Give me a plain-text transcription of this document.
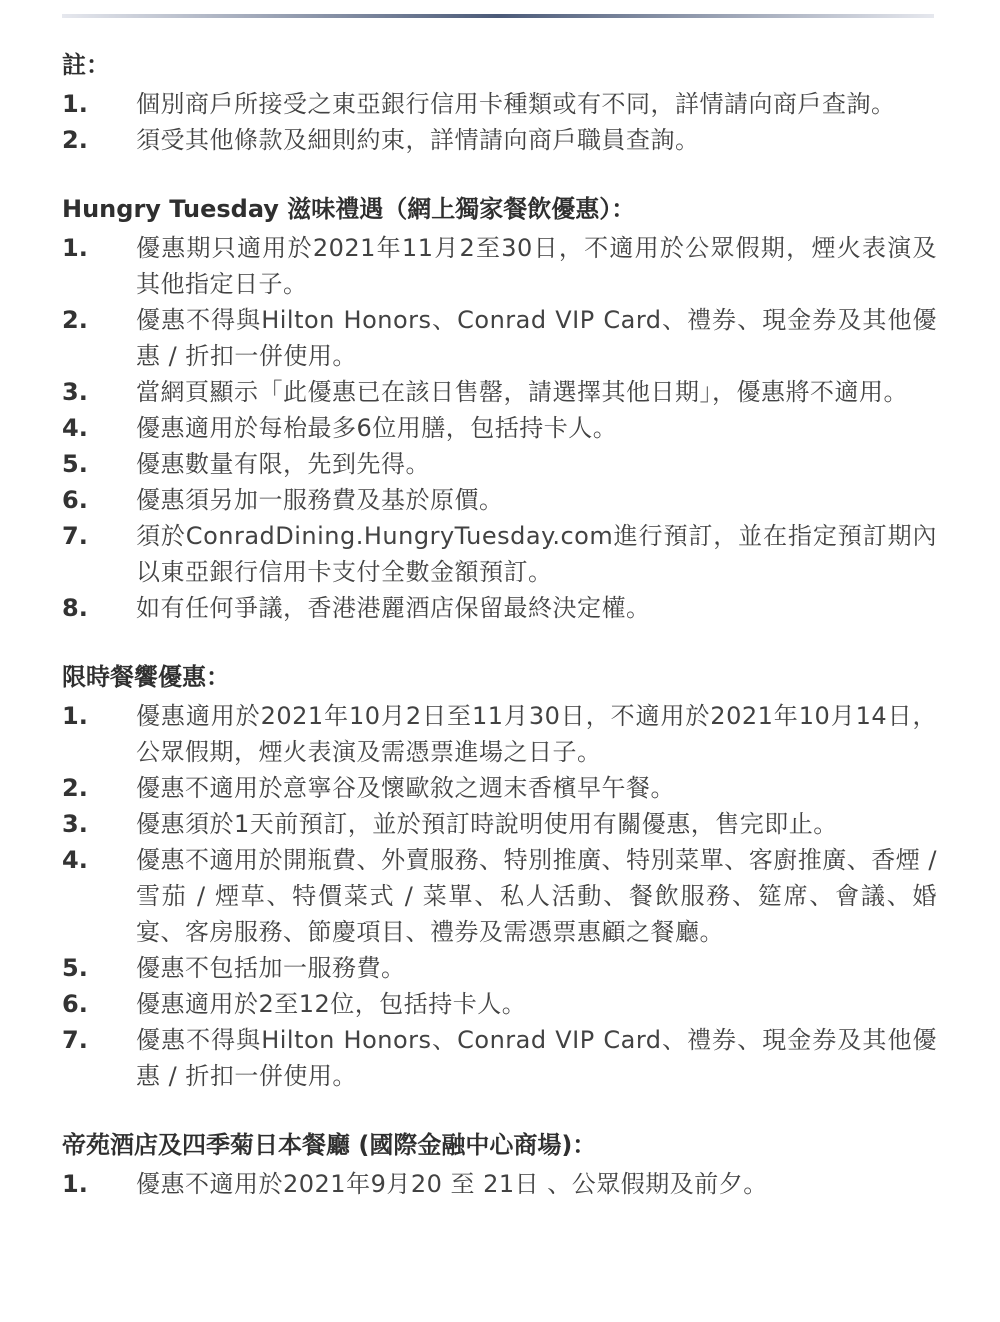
註：
1.	個別商戶所接受之東亞銀行信用卡種類或有不同，詳情請向商戶查詢。
2.	須受其他條款及細則約束，詳情請向商戶職員查詢。
Hungry Tuesday 滋味禮遇（網上獨家餐飲優惠）：
1.	優惠期只適用於2021年11月2至30日，不適用於公眾假期，煙火表演及其他指定日子。
2.	優惠不得與Hilton Honors、Conrad VIP Card、禮券、現金券及其他優惠 / 折扣一併使用。
3.	當網頁顯示「此優惠已在該日售罄，請選擇其他日期」，優惠將不適用。
4.	優惠適用於每枱最多6位用膳，包括持卡人。
5.	優惠數量有限，先到先得。
6.	優惠須另加一服務費及基於原價。
7.	須於ConradDining.HungryTuesday.com進行預訂，並在指定預訂期內以東亞銀行信用卡支付全數金額預訂。
8.	如有任何爭議，香港港麗酒店保留最終決定權。
限時餐饗優惠：
1.	優惠適用於2021年10月2日至11月30日，不適用於2021年10月14日，公眾假期，煙火表演及需憑票進場之日子。
2.	優惠不適用於意寧谷及懷歐敘之週末香檳早午餐。
3.	優惠須於1天前預訂，並於預訂時說明使用有關優惠，售完即止。
4.	優惠不適用於開瓶費、外賣服務、特別推廣、特別菜單、客廚推廣、香煙 / 雪茄 / 煙草、特價菜式 / 菜單、私人活動、餐飲服務、筵席、會議、婚宴、客房服務、節慶項目、禮券及需憑票惠顧之餐廳。
5.	優惠不包括加一服務費。
6.	優惠適用於2至12位，包括持卡人。
7.	優惠不得與Hilton Honors、Conrad VIP Card、禮券、現金券及其他優惠 / 折扣一併使用。
帝苑酒店及四季菊日本餐廳 (國際金融中心商場)：
1.	優惠不適用於2021年9月20 至 21日 、公眾假期及前夕。
